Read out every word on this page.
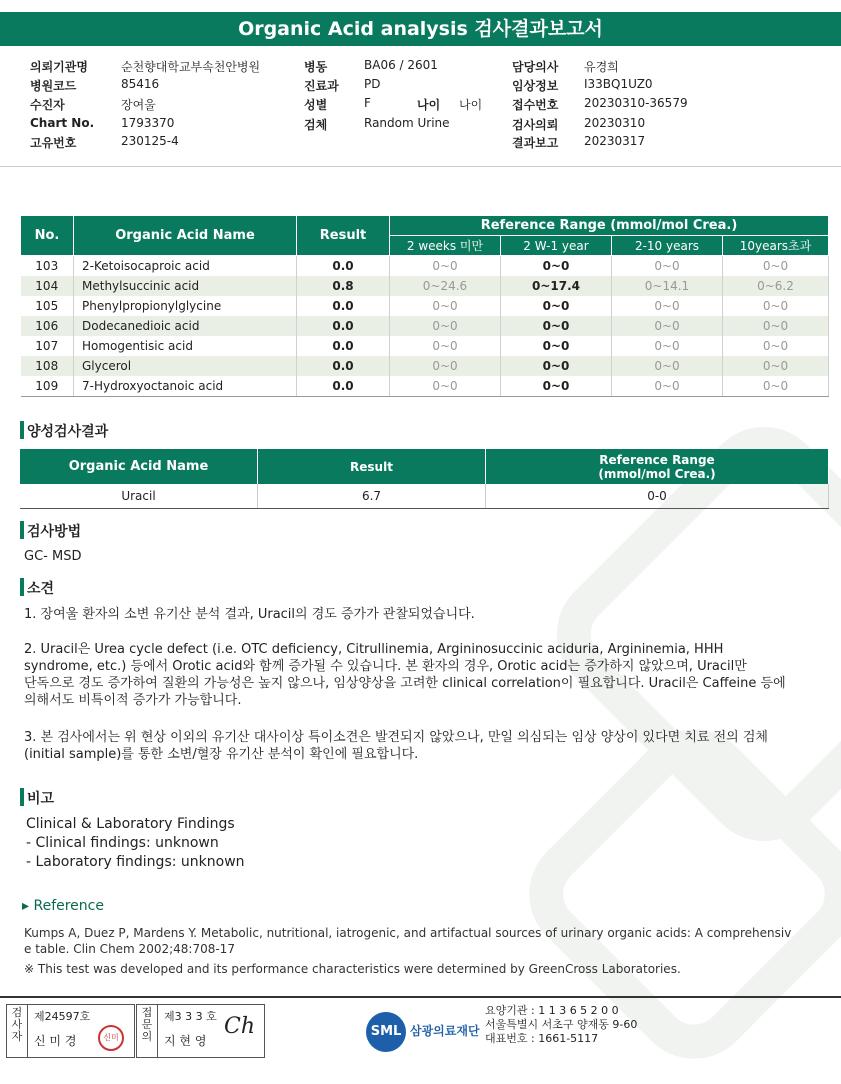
Organic Acid analysis 검사결과보고서
의뢰기관명	순천향대학교부속천안병원
병원코드	85416
수진자	장여울
Chart No. 1793370
고유번호	230125-4
병동	BA06 / 2601
진료과 PD
성별	F
검체	Random Urine
담당의사 유경희
임상정보 I33BQ1UZ0
접수번호 20230310-36579
검사의뢰 20230310
결과보고 20230317
나이 나이
No.	Organic Acid Name	Result	Reference Range (mmol/mol Crea.)			
			2 weeks 미만	2 W-1 year	2-10 years	10years초과
103	2-Ketoisocaproic acid	0.0	0~0	0~0	0~0	0~0
104	Methylsuccinic acid	0.8	0~24.6	0~17.4	0~14.1	0~6.2
105	Phenylpropionylglycine	0.0	0~0	0~0	0~0	0~0
106	Dodecanedioic acid	0.0	0~0	0~0	0~0	0~0
107	Homogentisic acid	0.0	0~0	0~0	0~0	0~0
108	Glycerol	0.0	0~0	0~0	0~0	0~0
109	7-Hydroxyoctanoic acid	0.0	0~0	0~0	0~0	0~0

양성검사결과
Organic Acid Name	Result	Reference Range
(mmol/mol Crea.)
Uracil	6.7	0-0
검사방법
GC- MSD
소견
1. 장여울 환자의 소변 유기산 분석 결과, Uracil의 경도 증가가 관찰되었습니다.
2. Uracil은 Urea cycle defect (i.e. OTC deficiency, Citrullinemia, Argininosuccinic aciduria, Argininemia, HHH
syndrome, etc.) 등에서 Orotic acid와 함께 증가될 수 있습니다. 본 환자의 경우, Orotic acid는 증가하지 않았으며, Uracil만
단독으로 경도 증가하여 질환의 가능성은 높지 않으나, 임상양상을 고려한 clinical correlation이 필요합니다. Uracil은 Caffeine 등에
의해서도 비특이적 증가가 가능합니다.
3. 본 검사에서는 위 현상 이외의 유기산 대사이상 특이소견은 발견되지 않았으나, 만일 의심되는 임상 양상이 있다면 치료 전의 검체
(initial sample)를 통한 소변/혈장 유기산 분석이 확인에 필요합니다.
비고
Clinical & Laboratory Findings
- Clinical findings: unknown
- Laboratory findings: unknown
▸ Reference
Kumps A, Duez P, Mardens Y. Metabolic, nutritional, iatrogenic, and artifactual sources of urinary organic acids: A comprehensiv
e table. Clin Chem 2002;48:708-17
※ This test was developed and its performance characteristics were determined by GreenCross Laboratories.
검
사
자
제24597호
신 미 경	신미
접
문
의
제3 3 3 호
지 현 영
Ch	SML 삼광의료재단
요양기관 : 1 1 3 6 5 2 0 0
서울특별시 서초구 양재동 9-60
대표번호 : 1661-5117
